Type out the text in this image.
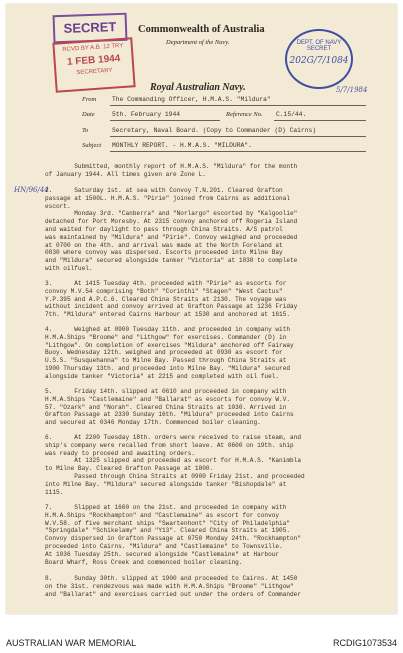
SECRET
RCVD BY A.B. 12 TRY
1 FEB 1944
SECRETARY
DEPT. OF NAVY SECRET
202G/7/1084
5/7/1984
HN/96/44
Commonwealth of Australia
Department of the Navy.
Royal Australian Navy.
From	The Commanding Officer, H.M.A.S. "Mildura"
Date	5th. February 1944	Reference No. C.15/44.
To	Secretary, Naval Board. (Copy to Commander (D) Cairns)
Subject MONTHLY REPORT. - H.M.A.S. "MILDURA".
Submitted, monthly report of H.M.A.S. "Mildura" for the month
of January 1944. All times given are Zone L.
2.      Saturday 1st. at sea with Convoy T.N.201. Cleared Grafton
passage at 1500L. H.M.A.S. "Pirie" joined from Cairns as additional
escort.
Monday 3rd. "Canberra" and "Norlargo" escorted by "Kalgoolie"
detached for Port Moresby. At 2315 convoy anchored off Rogeria Island
and waited for daylight to pass through China Straits. A/S patrol
was maintained by "Mildura" and "Pirie". Convoy weighed and proceeded
at 0700 on the 4th. and arrival was made at the North Foreland at
0830 where convoy was dispersed. Escorts proceeded into Milne Bay
and "Mildura" secured alongside tanker "Victoria" at 1030 to complete
with oilfuel.
3.      At 1415 Tuesday 4th. proceeded with "Pirie" as escorts for
convoy M.V.54 comprising "Both" "Corinthi" "Stagen" "West Cactus"
Y.P.395 and A.P.C.6. Cleared China Straits at 2130. The voyage was
without incident and convoy arrived at Grafton Passage at 1236 Friday
7th. "Mildura" entered Cairns Harbour at 1530 and anchored at 1615.
4.      Weighed at 0900 Tuesday 11th. and proceeded in company with
H.M.A.Ships "Broome" and "Lithgow" for exercises. Commander (D) in
"Lithgow". On completion of exercises "Mildura" anchored off Fairway
Buoy. Wednesday 12th. weighed and proceeded at 0930 as escort for
U.S.S. "Susquehanna" to Milne Bay. Passed through China Straits at
1900 Thursday 13th. and proceeded into Milne Bay. "Mildura" secured
alongside tanker "Victoria" at 2215 and completed with oil fuel.
5.      Friday 14th. slipped at 0610 and proceeded in company with
H.M.A.Ships "Castlemaine" and "Ballarat" as escorts for convoy W.V.
57. "Ozark" and "Norah". Cleared China Straits at 1030. Arrived in
Grafton Passage at 2330 Sunday 16th. "Mildura" proceeded into Cairns
and secured at 0346 Monday 17th. Commenced boiler cleaning.
6.      At 2200 Tuesday 18th. orders were received to raise steam, and
ship's company were recalled from short leave. At 0600 on 19th. ship
was ready to proceed and awaiting orders.
At 1325 slipped and proceeded as escort for H.M.A.S. "Kanimbla
to Milne Bay. Cleared Grafton Passage at 1800.
Passed through China Straits at 0900 Friday 21st. and proceeded
into Milne Bay. "Mildura" secured alongside tanker "Bishopdale" at
1115.
7.      Slipped at 1600 on the 21st. and proceeded in company with
H.M.A.Ships "Rockhampton" and "Castlemaine" as escort for convoy
W.V.58. of five merchant ships "Swartenhont" "City of Philadelphia"
"Springdale" "Schikelamy" and "Y13". Cleared China Straits at 1905.
Convoy dispersed in Grafton Passage at 0750 Monday 24th. "Rockhampton"
proceeded into Cairns. "Mildura" and "Castlemaine" to Townsville.
At 1036 Tuesday 25th. secured alongside "Castlemaine" at Harbour
Board Wharf, Ross Creek and commenced boiler cleaning.
8.      Sunday 30th. slipped at 1900 and proceeded to Cairns. At 1450
on the 31st. rendezvous was made with H.M.A.Ships "Broome" "Lithgow"
and "Ballarat" and exercises carried out under the orders of Commander
AUSTRALIAN WAR MEMORIAL	RCDIG1073534
